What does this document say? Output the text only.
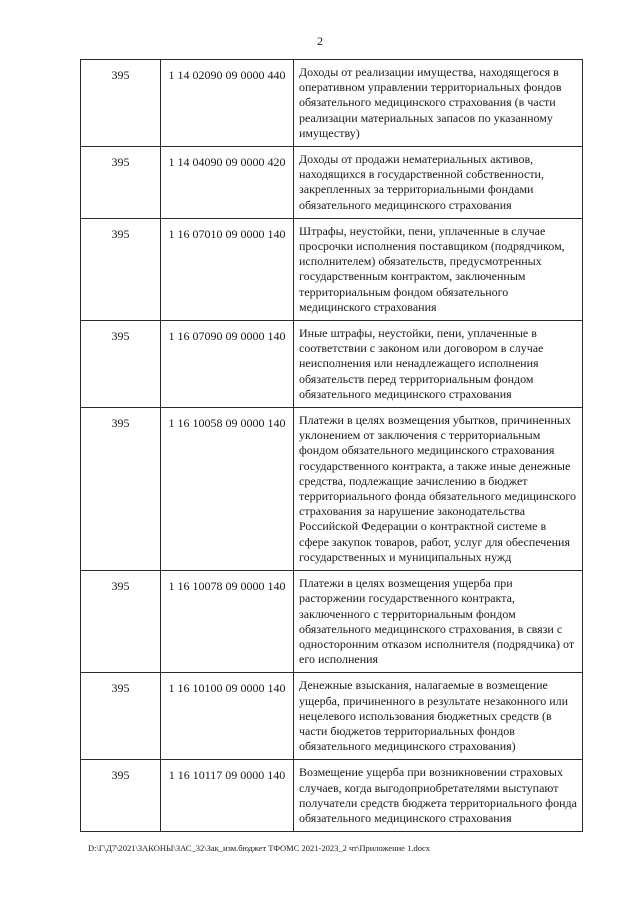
2
395	1 14 02090 09 0000 440	Доходы от реализации имущества, находящегося в оперативном управлении территориальных фондов обязательного медицинского страхования (в части реализации материальных запасов по указанному имуществу)
395	1 14 04090 09 0000 420	Доходы от продажи нематериальных активов, находящихся в государственной собственности, закрепленных за территориальными фондами обязательного медицинского страхования
395	1 16 07010 09 0000 140	Штрафы, неустойки, пени, уплаченные в случае просрочки исполнения поставщиком (подрядчиком, исполнителем) обязательств, предусмотренных государственным контрактом, заключенным территориальным фондом обязательного медицинского страхования
395	1 16 07090 09 0000 140	Иные штрафы, неустойки, пени, уплаченные в соответствии с законом или договором в случае неисполнения или ненадлежащего исполнения обязательств перед территориальным фондом обязательного медицинского страхования
395	1 16 10058 09 0000 140	Платежи в целях возмещения убытков, причиненных уклонением от заключения с территориальным фондом обязательного медицинского страхования государственного контракта, а также иные денежные средства, подлежащие зачислению в бюджет территориального фонда обязательного медицинского страхования за нарушение законодательства Российской Федерации о контрактной системе в сфере закупок товаров, работ, услуг для обеспечения государственных и муниципальных нужд
395	1 16 10078 09 0000 140	Платежи в целях возмещения ущерба при расторжении государственного контракта, заключенного с территориальным фондом обязательного медицинского страхования, в связи с односторонним отказом исполнителя (подрядчика) от его исполнения
395	1 16 10100 09 0000 140	Денежные взыскания, налагаемые в возмещение ущерба, причиненного в результате незаконного или нецелевого использования бюджетных средств (в части бюджетов территориальных фондов обязательного медицинского страхования)
395	1 16 10117 09 0000 140	Возмещение ущерба при возникновении страховых случаев, когда выгодоприобретателями выступают получатели средств бюджета территориального фонда обязательного медицинского страхования
D:\Г\Д7\2021\ЗАКОНЫ\ЗАС_32\Зак_изм.бюджет ТФОМС 2021-2023_2 чт\Приложение 1.docx
